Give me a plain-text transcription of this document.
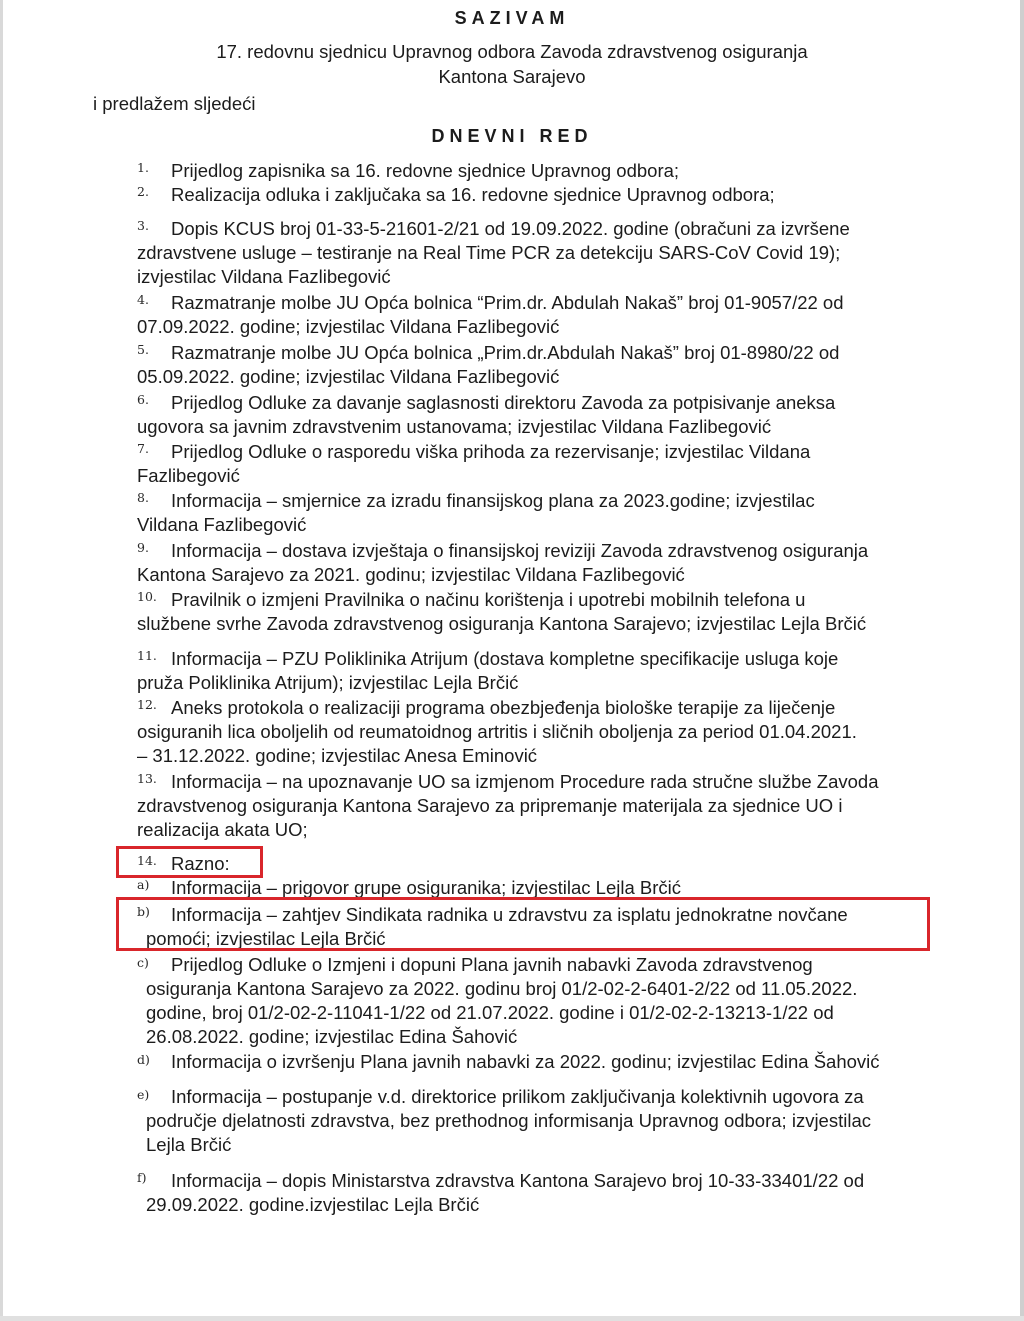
SAZIVAM
17. redovnu sjednicu Upravnog odbora Zavoda zdravstvenog osiguranja
Kantona Sarajevo
i predlažem sljedeći
DNEVNI RED
1. Prijedlog zapisnika sa 16. redovne sjednice Upravnog odbora;
2. Realizacija odluka i zaključaka sa 16. redovne sjednice Upravnog odbora;
3. Dopis KCUS broj 01-33-5-21601-2/21 od 19.09.2022. godine (obračuni za izvršene
zdravstvene usluge – testiranje na Real Time PCR za detekciju SARS-CoV Covid 19);
izvjestilac Vildana Fazlibegović
4. Razmatranje molbe JU Opća bolnica “Prim.dr. Abdulah Nakaš” broj 01-9057/22 od
07.09.2022. godine; izvjestilac Vildana Fazlibegović
5. Razmatranje molbe JU Opća bolnica „Prim.dr.Abdulah Nakaš” broj 01-8980/22 od
05.09.2022. godine; izvjestilac Vildana Fazlibegović
6. Prijedlog Odluke za davanje saglasnosti direktoru Zavoda za potpisivanje aneksa
ugovora sa javnim zdravstvenim ustanovama; izvjestilac Vildana Fazlibegović
7. Prijedlog Odluke o rasporedu viška prihoda za rezervisanje; izvjestilac Vildana
Fazlibegović
8. Informacija – smjernice za izradu finansijskog plana za 2023.godine; izvjestilac
Vildana Fazlibegović
9. Informacija – dostava izvještaja o finansijskoj reviziji Zavoda zdravstvenog osiguranja
Kantona Sarajevo za 2021. godinu; izvjestilac Vildana Fazlibegović
10. Pravilnik o izmjeni Pravilnika o načinu korištenja i upotrebi mobilnih telefona u
službene svrhe Zavoda zdravstvenog osiguranja Kantona Sarajevo; izvjestilac Lejla Brčić
11. Informacija – PZU Poliklinika Atrijum (dostava kompletne specifikacije usluga koje
pruža Poliklinika Atrijum); izvjestilac Lejla Brčić
12. Aneks protokola o realizaciji programa obezbjeđenja biološke terapije za liječenje
osiguranih lica oboljelih od reumatoidnog artritis i sličnih oboljenja za period 01.04.2021.
– 31.12.2022. godine; izvjestilac Anesa Eminović
13. Informacija – na upoznavanje UO sa izmjenom Procedure rada stručne službe Zavoda
zdravstvenog osiguranja Kantona Sarajevo za pripremanje materijala za sjednice UO i
realizacija akata UO;
14. Razno:
a) Informacija – prigovor grupe osiguranika; izvjestilac Lejla Brčić
b) Informacija – zahtjev Sindikata radnika u zdravstvu za isplatu jednokratne novčane
pomoći; izvjestilac Lejla Brčić
c) Prijedlog Odluke o Izmjeni i dopuni Plana javnih nabavki Zavoda zdravstvenog
osiguranja Kantona Sarajevo za 2022. godinu broj 01/2-02-2-6401-2/22 od 11.05.2022.
godine, broj 01/2-02-2-11041-1/22 od 21.07.2022. godine i 01/2-02-2-13213-1/22 od
26.08.2022. godine; izvjestilac Edina Šahović
d) Informacija o izvršenju Plana javnih nabavki za 2022. godinu; izvjestilac Edina Šahović
e) Informacija – postupanje v.d. direktorice prilikom zaključivanja kolektivnih ugovora za
područje djelatnosti zdravstva, bez prethodnog informisanja Upravnog odbora; izvjestilac
Lejla Brčić
f) Informacija – dopis Ministarstva zdravstva Kantona Sarajevo broj 10-33-33401/22 od
29.09.2022. godine.izvjestilac Lejla Brčić
